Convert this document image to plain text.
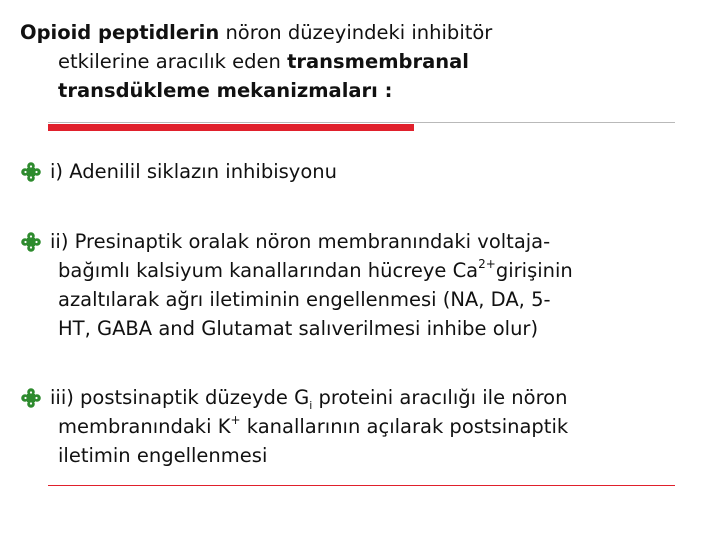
Opioid peptidlerin nöron düzeyindeki inhibitör
etkilerine aracılık eden transmembranal
transdükleme mekanizmaları :
i) Adenilil siklazın inhibisyonu
ii) Presinaptik oralak nöron membranındaki voltaja-
bağımlı kalsiyum kanallarından hücreye $Ca^{2+}girişinin$
azaltılarak ağrı iletiminin engellenmesi (NA, DA, 5-
HT, GABA and Glutamat salıverilmesi inhibe olur)
iii) postsinaptik düzeyde $G_i$ proteini aracılığı ile nöron
membranındaki K+ kanallarının açılarak postsinaptik
iletimin engellenmesi
